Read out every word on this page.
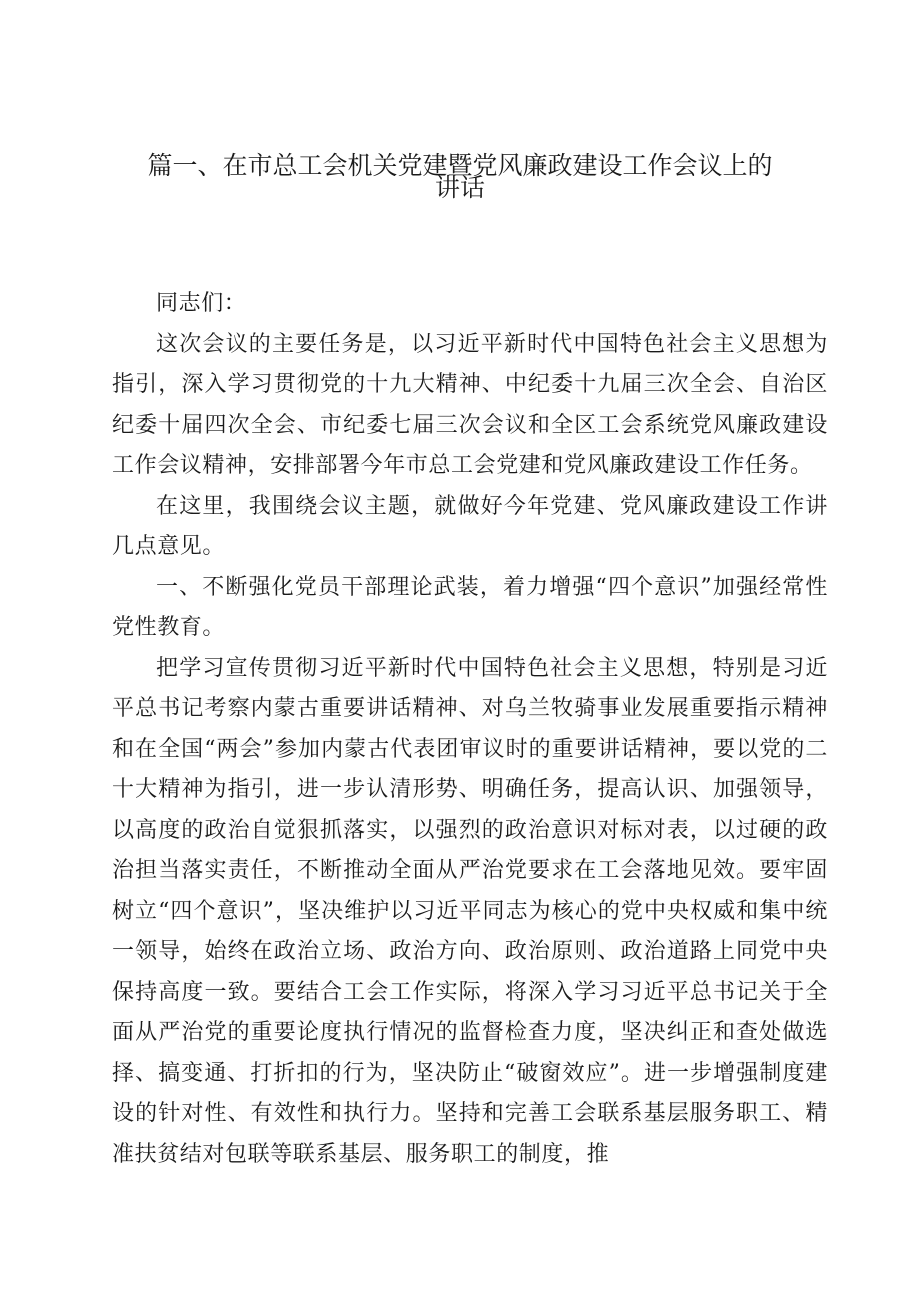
篇一、在市总工会机关党建暨党风廉政建设工作会议上的
讲话

同志们：

这次会议的主要任务是，以习近平新时代中国特色社会主义思想为指引，深入学习贯彻党的十九大精神、中纪委十九届三次全会、自治区纪委十届四次全会、市纪委七届三次会议和全区工会系统党风廉政建设工作会议精神，安排部署今年市总工会党建和党风廉政建设工作任务。

在这里，我围绕会议主题，就做好今年党建、党风廉政建设工作讲几点意见。

一、不断强化党员干部理论武装，着力增强“四个意识”加强经常性党性教育。

把学习宣传贯彻习近平新时代中国特色社会主义思想，特别是习近平总书记考察内蒙古重要讲话精神、对乌兰牧骑事业发展重要指示精神和在全国“两会”参加内蒙古代表团审议时的重要讲话精神，要以党的二十大精神为指引，进一步认清形势、明确任务，提高认识、加强领导，以高度的政治自觉狠抓落实，以强烈的政治意识对标对表，以过硬的政治担当落实责任，不断推动全面从严治党要求在工会落地见效。要牢固树立“四个意识”，坚决维护以习近平同志为核心的党中央权威和集中统一领导，始终在政治立场、政治方向、政治原则、政治道路上同党中央保持高度一致。要结合工会工作实际，将深入学习习近平总书记关于全面从严治党的重要论度执行情况的监督检查力度，坚决纠正和查处做选择、搞变通、打折扣的行为，坚决防止“破窗效应”。进一步增强制度建设的针对性、有效性和执行力。坚持和完善工会联系基层服务职工、精准扶贫结对包联等联系基层、服务职工的制度，推
